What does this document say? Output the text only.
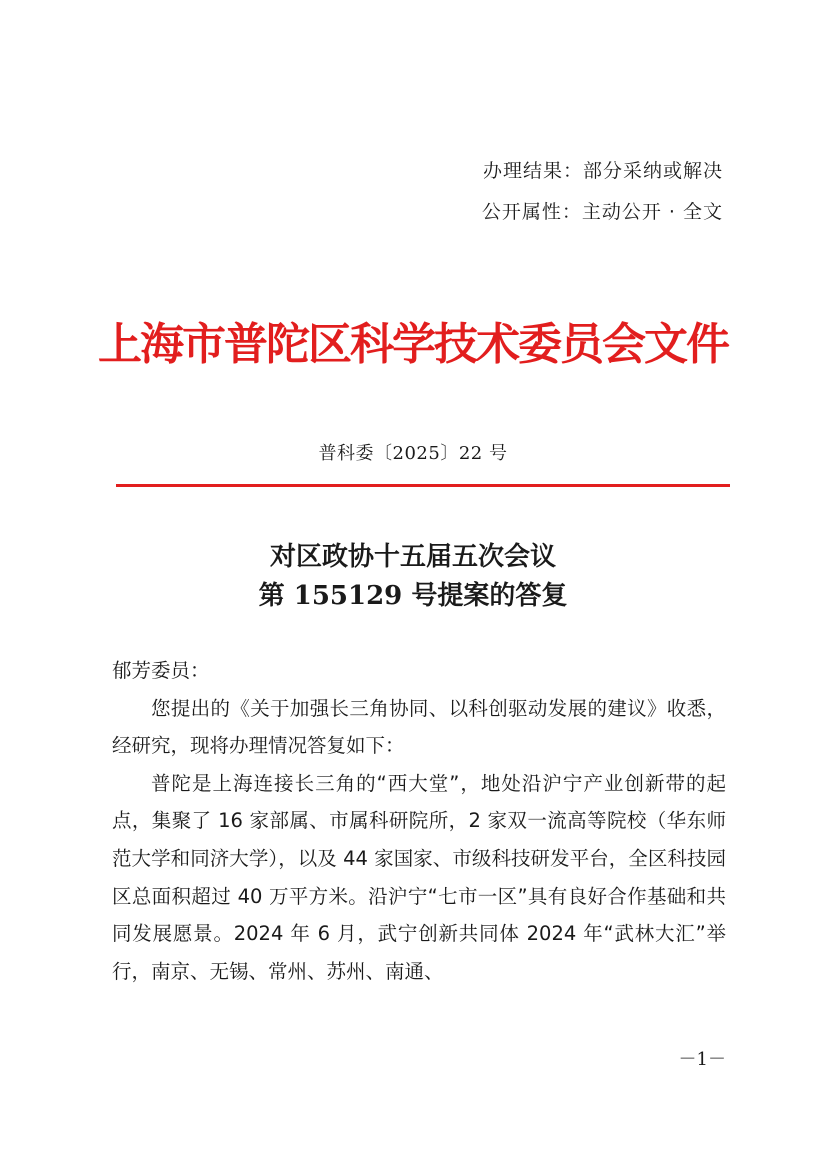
办理结果：部分采纳或解决
公开属性：主动公开 · 全文
上海市普陀区科学技术委员会文件
普科委〔2025〕22 号
对区政协十五届五次会议
第 155129 号提案的答复

郁芳委员：

您提出的《关于加强长三角协同、以科创驱动发展的建议》收悉，经研究，现将办理情况答复如下：

普陀是上海连接长三角的“西大堂”，地处沿沪宁产业创新带的起点，集聚了 16 家部属、市属科研院所，2 家双一流高等院校（华东师范大学和同济大学），以及 44 家国家、市级科技研发平台，全区科技园区总面积超过 40 万平方米。沿沪宁“七市一区”具有良好合作基础和共同发展愿景。2024 年 6 月，武宁创新共同体 2024 年“武林大汇”举行，南京、无锡、常州、苏州、南通、

－1－
